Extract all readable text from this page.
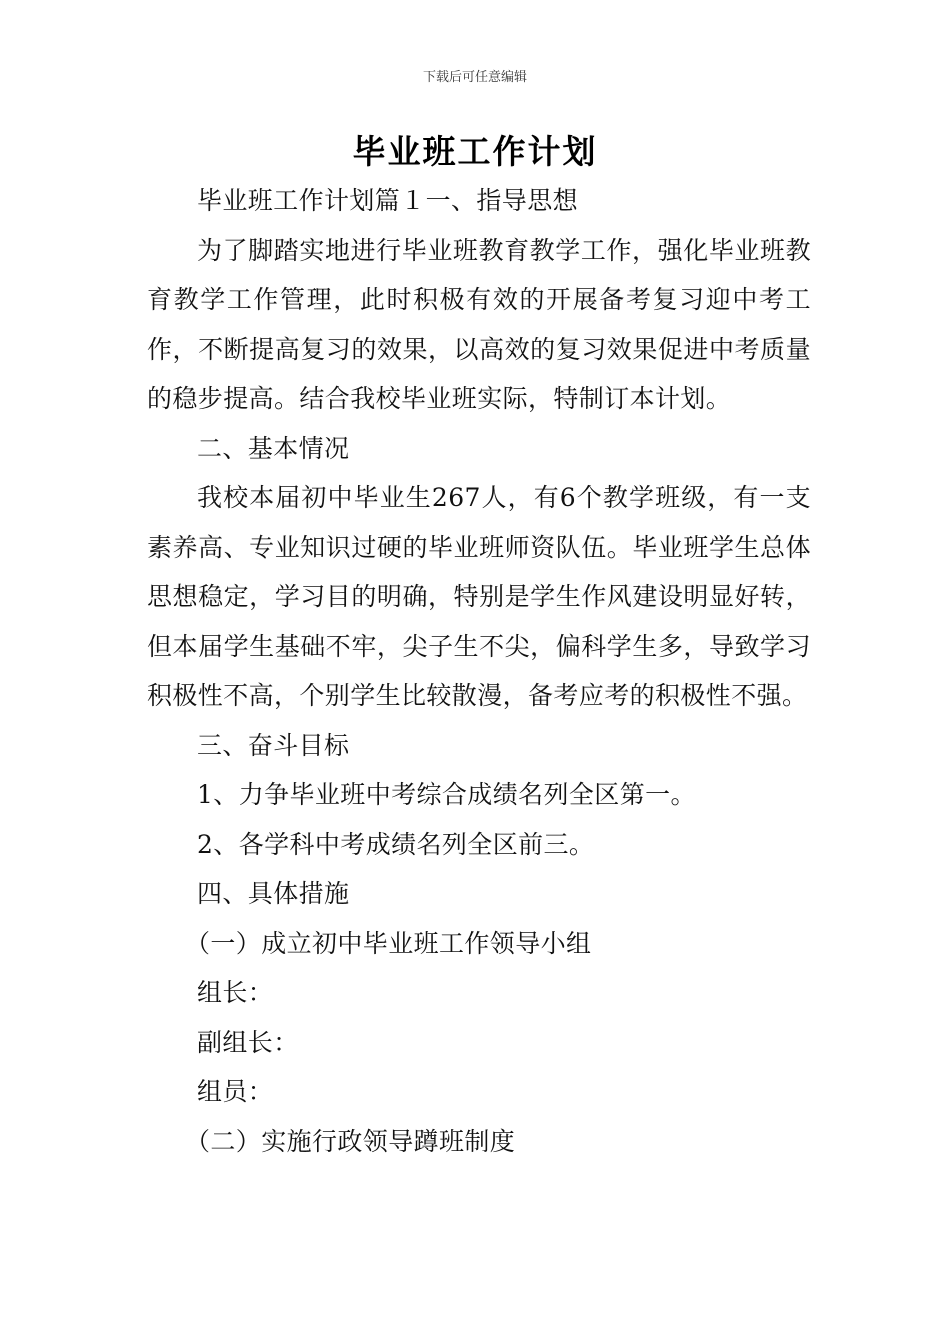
下载后可任意编辑
毕业班工作计划

毕业班工作计划篇１一、指导思想

为了脚踏实地进行毕业班教育教学工作，强化毕业班教育教学工作管理，此时积极有效的开展备考复习迎中考工作，不断提高复习的效果，以高效的复习效果促进中考质量的稳步提高。结合我校毕业班实际，特制订本计划。

二、基本情况

我校本届初中毕业生267人，有6个教学班级，有一支素养高、专业知识过硬的毕业班师资队伍。毕业班学生总体思想稳定，学习目的明确，特别是学生作风建设明显好转，但本届学生基础不牢，尖子生不尖，偏科学生多，导致学习积极性不高，个别学生比较散漫，备考应考的积极性不强。

三、奋斗目标

1、力争毕业班中考综合成绩名列全区第一。

2、各学科中考成绩名列全区前三。

四、具体措施

（一）成立初中毕业班工作领导小组

组长：

副组长：

组员：

（二）实施行政领导蹲班制度
